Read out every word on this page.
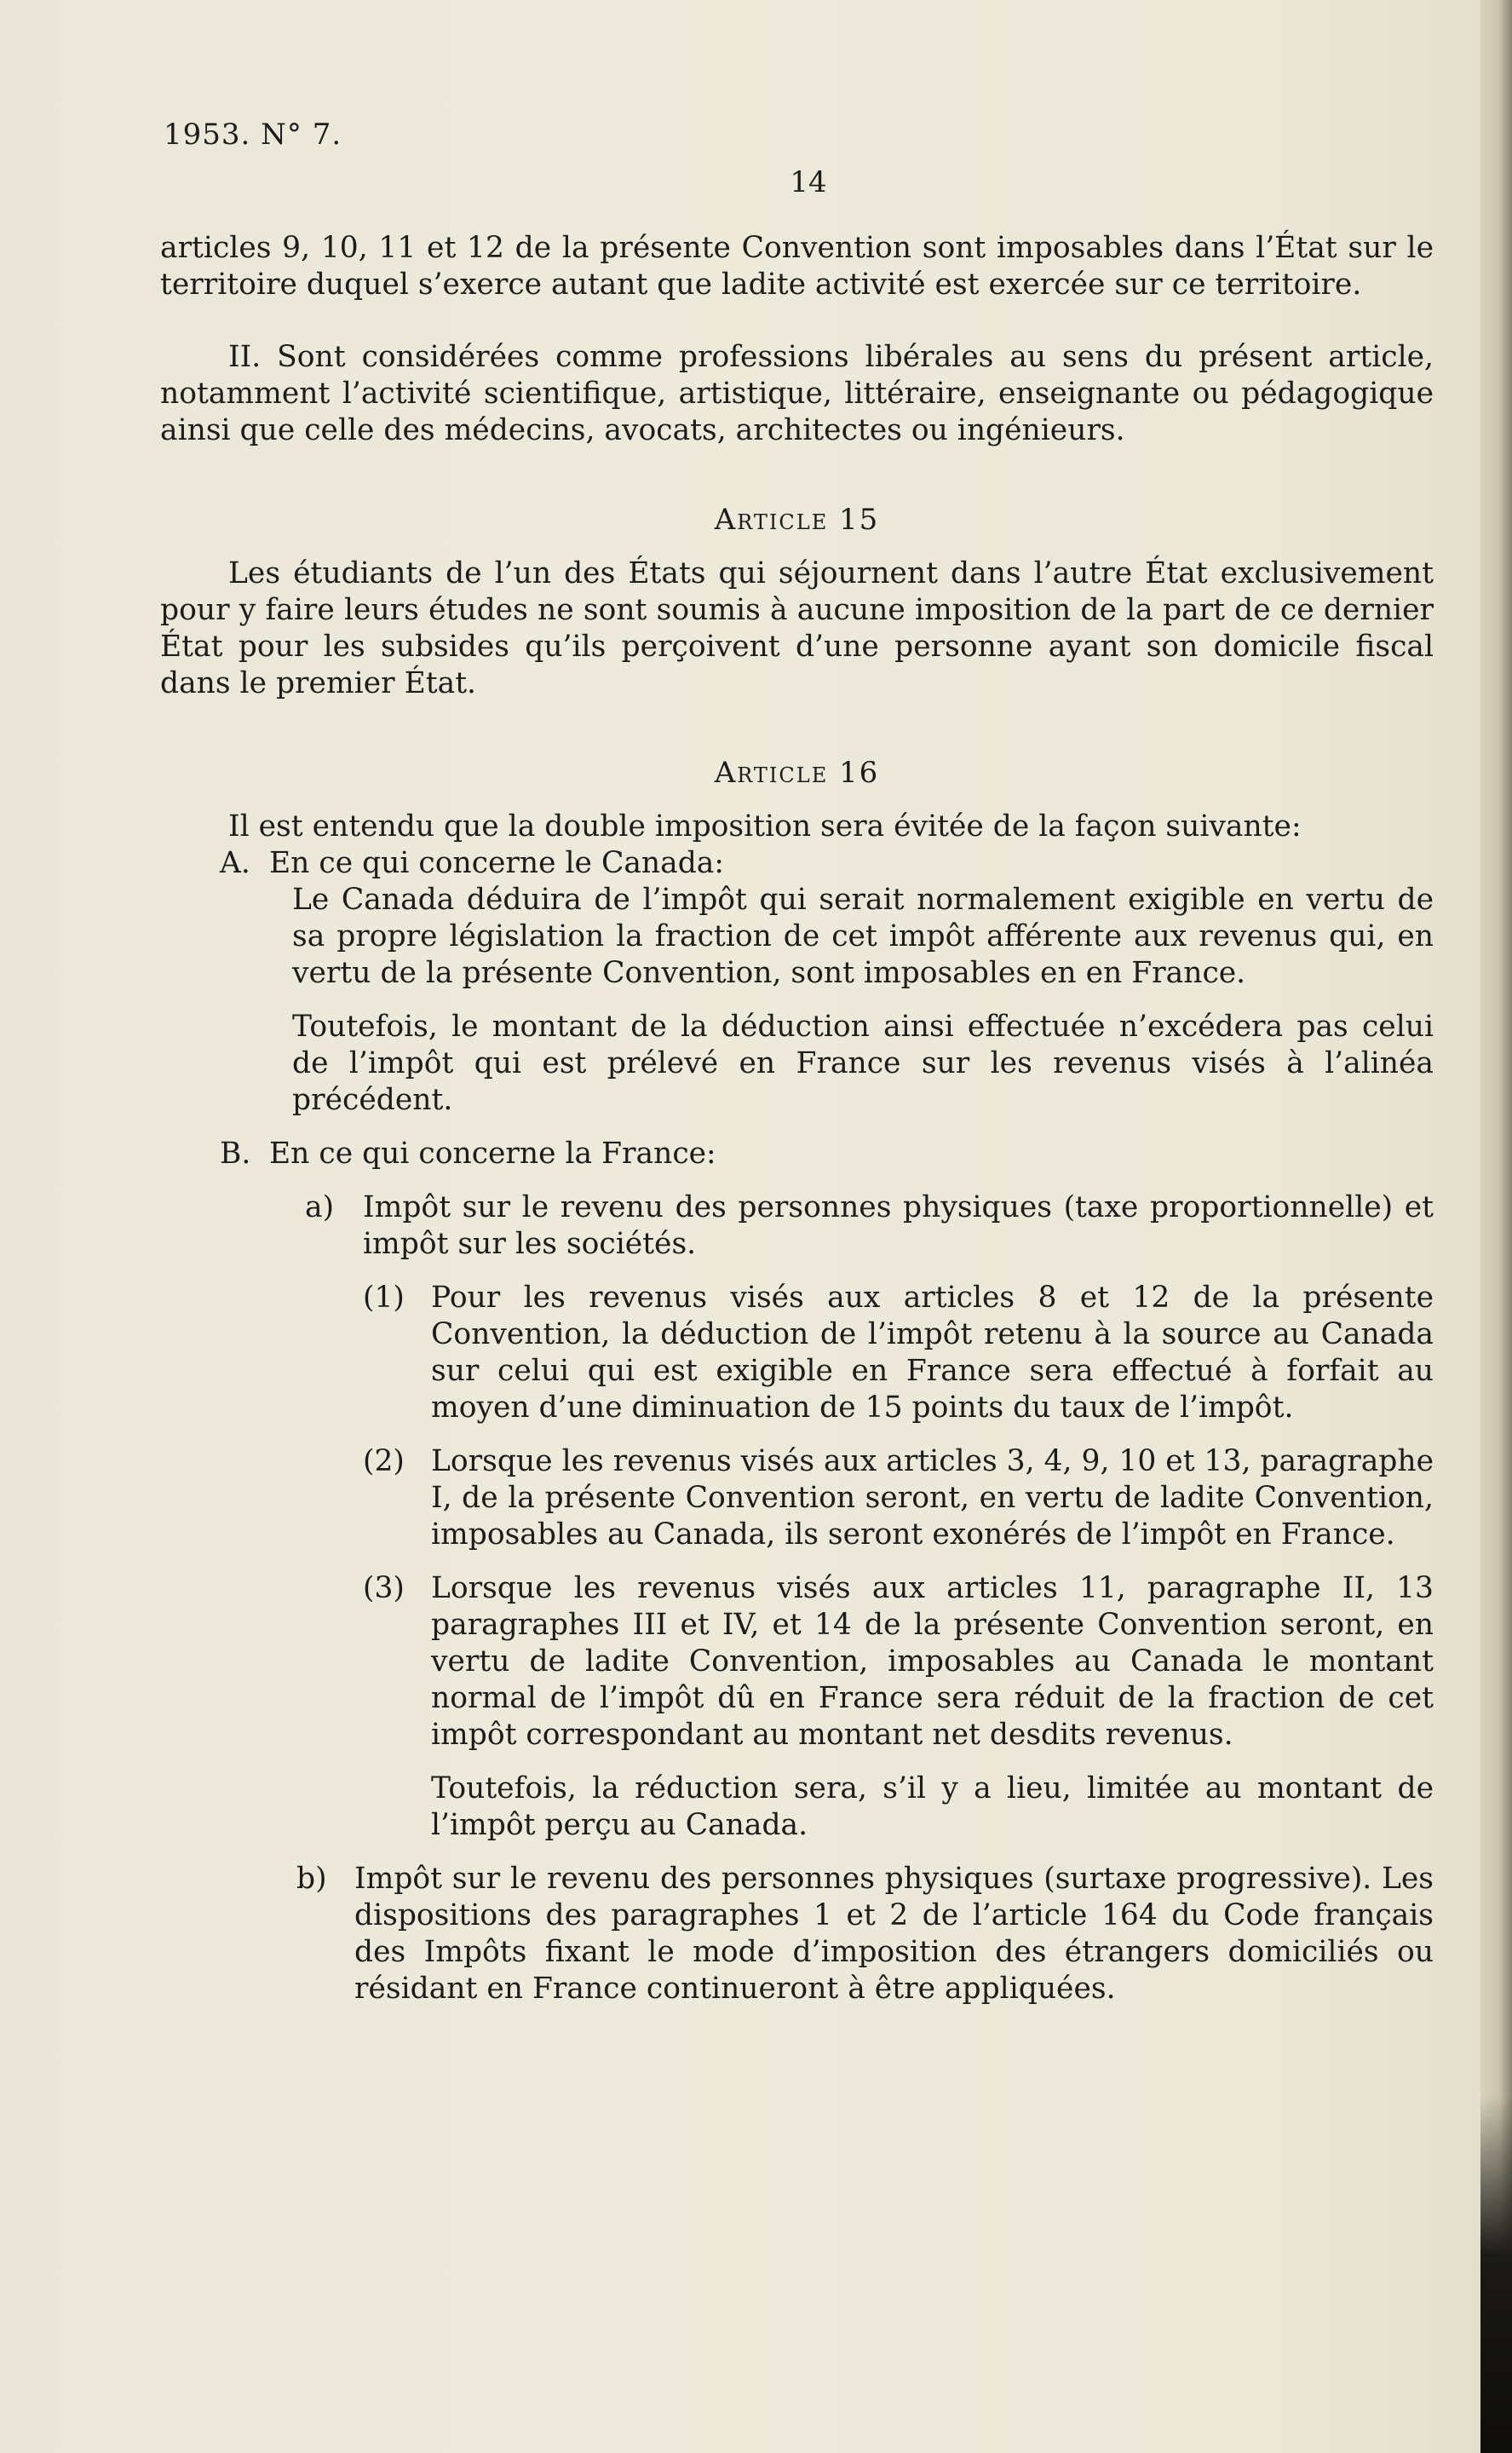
1953. N° 7.
14

articles 9, 10, 11 et 12 de la présente Convention sont imposables dans l’État sur le territoire duquel s’exerce autant que ladite activité est exercée sur ce territoire.

II. Sont considérées comme professions libérales au sens du présent article, notamment l’activité scientifique, artistique, littéraire, enseignante ou pédagogique ainsi que celle des médecins, avocats, architectes ou ingénieurs.

Article 15

Les étudiants de l’un des États qui séjournent dans l’autre État exclusivement pour y faire leurs études ne sont soumis à aucune imposition de la part de ce dernier État pour les subsides qu’ils perçoivent d’une personne ayant son domicile fiscal dans le premier État.

Article 16

Il est entendu que la double imposition sera évitée de la façon suivante:

A. En ce qui concerne le Canada:

Le Canada déduira de l’impôt qui serait normalement exigible en vertu de sa propre législation la fraction de cet impôt afférente aux revenus qui, en vertu de la présente Convention, sont imposables en en France.

Toutefois, le montant de la déduction ainsi effectuée n’excédera pas celui de l’impôt qui est prélevé en France sur les revenus visés à l’alinéa précédent.

B. En ce qui concerne la France:
a) Impôt sur le revenu des personnes physiques (taxe proportionnelle) et impôt sur les sociétés.
(1) Pour les revenus visés aux articles 8 et 12 de la présente Convention, la déduction de l’impôt retenu à la source au Canada sur celui qui est exigible en France sera effectué à forfait au moyen d’une diminuation de 15 points du taux de l’impôt.
(2) Lorsque les revenus visés aux articles 3, 4, 9, 10 et 13, paragraphe I, de la présente Convention seront, en vertu de ladite Convention, imposables au Canada, ils seront exonérés de l’impôt en France.
(3) Lorsque les revenus visés aux articles 11, paragraphe II, 13 paragraphes III et IV, et 14 de la présente Convention seront, en vertu de ladite Convention, imposables au Canada le montant normal de l’impôt dû en France sera réduit de la fraction de cet impôt correspondant au montant net desdits revenus.

Toutefois, la réduction sera, s’il y a lieu, limitée au montant de l’impôt perçu au Canada.

b) Impôt sur le revenu des personnes physiques (surtaxe progressive). Les dispositions des paragraphes 1 et 2 de l’article 164 du Code français des Impôts fixant le mode d’imposition des étrangers domiciliés ou résidant en France continueront à être appliquées.
